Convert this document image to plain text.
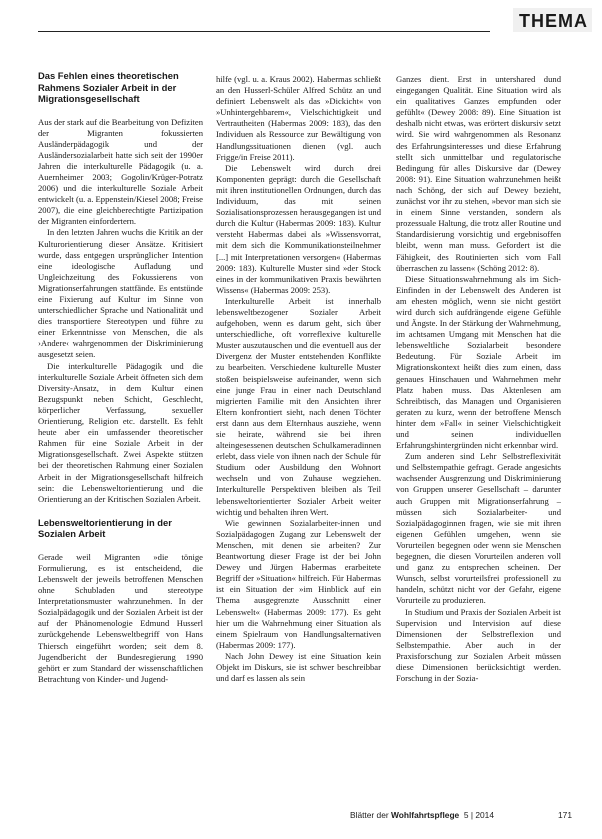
THEMA
Das Fehlen eines theoretischen Rahmens Sozialer Arbeit in der Migrationsgesellschaft

Aus der stark auf die Bearbeitung von Defiziten der Migranten fokussierten Ausländerpädagogik und der Ausländersozialarbeit hatte sich seit der 1990er Jahren die interkulturelle Pädagogik (u. a. Auernheimer 2003; Gogolin/Krüger-Potratz 2006) und die interkulturelle Soziale Arbeit entwickelt (u. a. Eppenstein/Kiesel 2008; Freise 2007), die eine gleichberechtigte Partizipation der Migranten einfordertern.

In den letzten Jahren wuchs die Kritik an der Kulturorientierung dieser Ansätze. Kritisiert wurde, dass entgegen ursprünglicher Intention eine ideologische Aufladung und Ungleichzeitung des Fokussierens von Migrationserfahrungen stattfände. Es entstünde eine Fixierung auf Kultur im Sinne von unterschiedlicher Sprache und Nationalität und dies transportiere Stereotypen und führe zu einer Erkenntnisse von Menschen, die als ›Andere‹ wahrgenommen der Diskriminierung ausgesetzt seien.

Die interkulturelle Pädagogik und die interkulturelle Soziale Arbeit öffneten sich dem Diversity-Ansatz, in dem Kultur einen Bezugspunkt neben Schicht, Geschlecht, körperlicher Verfassung, sexueller Orientierung, Religion etc. darstellt. Es fehlt heute aber ein umfassender theoretischer Rahmen für eine Soziale Arbeit in der Migrationsgesellschaft. Zwei Aspekte stützen bei der theoretischen Rahmung einer Sozialen Arbeit in der Migrationsgesellschaft hilfreich sein: die Lebensweltorientierung und die Orientierung an der Kritischen Sozialen Arbeit.

Lebensweltorientierung in der Sozialen Arbeit

Gerade weil Migranten »die tönige Formulierung, es ist entscheidend, die Lebenswelt der jeweils betroffenen Menschen ohne Schubladen und stereotype Interpretationsmuster wahrzunehmen. In der Sozialpädagogik und der Sozialen Arbeit ist der auf der Phänomenologie Edmund Husserl zurückgehende Lebensweltbegriff von Hans Thiersch eingeführt worden; seit dem 8. Jugendbericht der Bundesregierung 1990 gehört er zum Standard der wissenschaftlichen Betrachtung von Kinder- und Jugend-

hilfe (vgl. u. a. Kraus 2002). Habermas schließt an den Husserl-Schüler Alfred Schütz an und definiert Lebenswelt als das »Dickicht« von »Unhintergehbarem«, Vielschichtigkeit und Vertrautheiten (Habermas 2009: 183), das den Individuen als Ressource zur Bewältigung von Handlungssituationen dienen (vgl. auch Frigge/in Freise 2011).

Die Lebenswelt wird durch drei Komponenten geprägt: durch die Gesellschaft mit ihren institutionellen Ordnungen, durch das Individuum, das mit seinen Sozialisationsprozessen herausgegangen ist und durch die Kultur (Habermas 2009: 183). Kultur versteht Habermas dabei als »Wissensvorrat, mit dem sich die Kommunikationsteilnehmer [...] mit Interpretationen versorgen« (Habermas 2009: 183). Kulturelle Muster sind »der Stock eines in der kommunikativen Praxis bewährten Wissens« (Habermas 2009: 253).

Interkulturelle Arbeit ist innerhalb lebensweltbezogener Sozialer Arbeit aufgehoben, wenn es darum geht, sich über unterschiedliche, oft vorreflexive kulturelle Muster auszutauschen und die eventuell aus der Divergenz der Muster entstehenden Konflikte zu bearbeiten. Verschiedene kulturelle Muster stoßen beispielsweise aufeinander, wenn sich eine junge Frau in einer nach Deutschland migrierten Familie mit den Ansichten ihrer Eltern konfrontiert sieht, nach denen Töchter erst dann aus dem Elternhaus ausziehe, wenn sie heirate, während sie bei ihren alteingesessenen deutschen Schulkameradinnen erlebt, dass viele von ihnen nach der Schule für Studium oder Ausbildung den Wohnort wechseln und von Zuhause wegziehen. Interkulturelle Perspektiven bleiben als Teil lebensweltorientierter Sozialer Arbeit weiter wichtig und behalten ihren Wert.

Wie gewinnen Sozialarbeiter-innen und Sozialpädagogen Zugang zur Lebenswelt der Menschen, mit denen sie arbeiten? Zur Beantwortung dieser Frage ist der bei John Dewey und Jürgen Habermas erarbeitete Begriff der »Situation« hilfreich. Für Habermas ist ein Situation der »im Hinblick auf ein Thema ausgegrenzte Ausschnitt einer Lebenswelt« (Habermas 2009: 177). Es geht hier um die Wahrnehmung einer Situation als einem Spielraum von Handlungsalternativen (Habermas 2009: 177).

Nach John Dewey ist eine Situation kein Objekt im Diskurs, sie ist schwer beschreibbar und darf es lassen als sein

Ganzes dient. Erst in untershared dund eingegangen Qualität. Eine Situation wird als ein qualitatives Ganzes empfunden oder gefühlt« (Dewey 2008: 89). Eine Situation ist deshalb nicht etwas, was erörtert diskursiv setzt wird. Sie wird wahrgenommen als Resonanz des Erfahrungsinteresses und diese Erfahrung stellt sich unmittelbar und regulatorische Bedingung für alles Diskursive dar (Dewey 2008: 91). Eine Situation wahrzunehmen heißt nach Schöng, der sich auf Dewey bezieht, zunächst vor ihr zu stehen, »bevor man sich sie in einem Sinne verstanden, sondern als prozessuale Haltung, die trotz aller Routine und Standardisierung vorsichtig und ergebnisoffen bleibt, wenn man muss. Gefordert ist die Fähigkeit, des Routinierten sich vom Fall überraschen zu lassen« (Schöng 2012: 8).

Diese Situationswahrnehmung als im Sich-Einfinden in der Lebenswelt des Anderen ist am ehesten möglich, wenn sie nicht gestört wird durch sich aufdrängende eigene Gefühle und Ängste. In der Stärkung der Wahrnehmung, im achtsamen Umgang mit Menschen hat die lebensweltliche Sozialarbeit besondere Bedeutung. Für Soziale Arbeit im Migrationskontext heißt dies zum einen, dass genaues Hinschauen und Wahrnehmen mehr Platz haben muss. Das Aktenlesen am Schreibtisch, das Managen und Organisieren geraten zu kurz, wenn der betroffene Mensch hinter dem »Fall« in seiner Vielschichtigkeit und seinen individuellen Erfahrungshintergründen nicht erkennbar wird.

Zum anderen sind Lehr Selbstreflexivität und Selbstempathie gefragt. Gerade angesichts wachsender Ausgrenzung und Diskriminierung von Gruppen unserer Gesellschaft – darunter auch Gruppen mit Migrationserfahrung – müssen sich Sozialarbeiter- und Sozialpädagoginnen fragen, wie sie mit ihren eigenen Gefühlen umgehen, wenn sie Vorurteilen begegnen oder wenn sie Menschen begegnen, die diesen Vorurteilen anderen voll und ganz zu entsprechen scheinen. Der Wunsch, selbst vorurteilsfrei professionell zu handeln, schützt nicht vor der Gefahr, eigene Vorurteile zu produzieren.

In Studium und Praxis der Sozialen Arbeit ist Supervision und Intervision auf diese Dimensionen der Selbstreflexion und Selbstempathie. Aber auch in der Praxisforschung zur Sozialen Arbeit müssen diese Dimensionen berücksichtigt werden. Forschung in der Sozia-

Blätter der Wohlfahrtspflege 5 | 2014	171
